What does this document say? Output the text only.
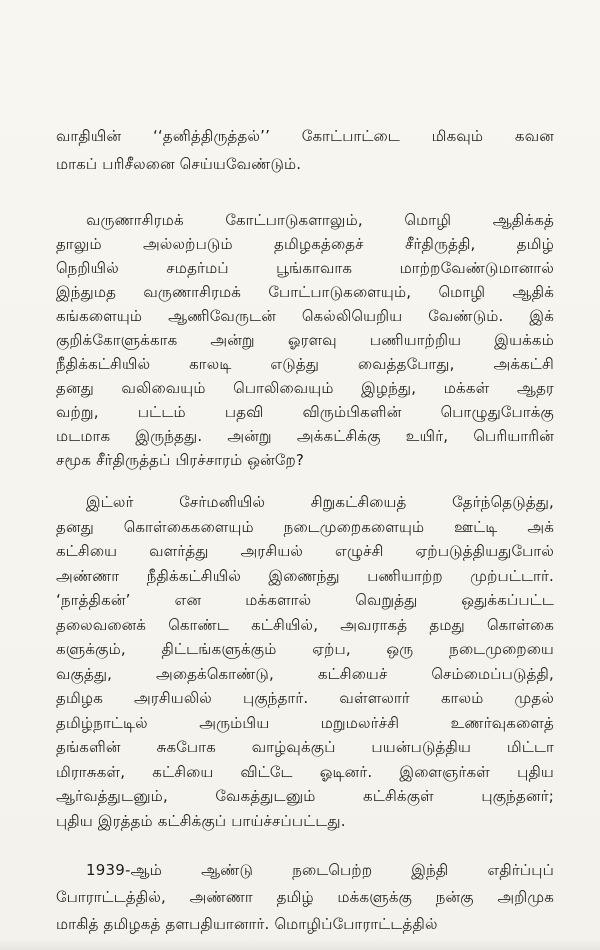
வாதியின் ‘‘தனித்திருத்தல்’’ கோட்பாட்டை மிகவும் கவன
மாகப் பரிசீலனை செய்யவேண்டும்.
வருணாசிரமக் கோட்பாடுகளாலும், மொழி ஆதிக்கத்
தாலும் அல்லற்படும் தமிழகத்தைச் சீர்திருத்தி, தமிழ்
நெறியில் சமதர்மப் பூங்காவாக மாற்றவேண்டுமானால்
இந்துமத வருணாசிரமக் போட்பாடுகளையும், மொழி ஆதிக்
கங்களையும் ஆணிவேருடன் கெல்லியெறிய வேண்டும். இக்
குறிக்கோளுக்காக அன்று ஓரளவு பணியாற்றிய இயக்கம்
நீதிக்கட்சியில் காலடி எடுத்து வைத்தபோது, அக்கட்சி
தனது வலிவையும் பொலிவையும் இழந்து, மக்கள் ஆதர
வற்று, பட்டம் பதவி விரும்பிகளின் பொழுதுபோக்கு
மடமாக இருந்தது. அன்று அக்கட்சிக்கு உயிர், பெரியாரின்
சமூக சீர்திருத்தப் பிரச்சாரம் ஒன்றே?
இட்லர் சேர்மனியில் சிறுகட்சியைத் தேர்ந்தெடுத்து,
தனது கொள்கைகளையும் நடைமுறைகளையும் ஊட்டி அக்
கட்சியை வளர்த்து அரசியல் எழுச்சி ஏற்படுத்தியதுபோல்
அண்ணா நீதிக்கட்சியில் இணைந்து பணியாற்ற முற்பட்டார்.
‘நாத்திகன்’ என மக்களால் வெறுத்து ஒதுக்கப்பட்ட
தலைவனைக் கொண்ட கட்சியில், அவராகத் தமது கொள்கை
களுக்கும், திட்டங்களுக்கும் ஏற்ப, ஒரு நடைமுறையை
வகுத்து, அதைக்கொண்டு, கட்சியைச் செம்மைப்படுத்தி,
தமிழக அரசியலில் புகுந்தார். வள்ளலார் காலம் முதல்
தமிழ்நாட்டில் அரும்பிய மறுமலர்ச்சி உணர்வுகளைத்
தங்களின் சுகபோக வாழ்வுக்குப் பயன்படுத்திய மிட்டா
மிராசுகள், கட்சியை விட்டே ஓடினர். இளைஞர்கள் புதிய
ஆர்வத்துடனும், வேகத்துடனும் கட்சிக்குள் புகுந்தனர்;
புதிய இரத்தம் கட்சிக்குப் பாய்ச்சப்பட்டது.
1939-ஆம் ஆண்டு நடைபெற்ற இந்தி எதிர்ப்புப்
போராட்டத்தில், அண்ணா தமிழ் மக்களுக்கு நன்கு அறிமுக
மாகித் தமிழகத் தளபதியானார். மொழிப்போராட்டத்தில்
